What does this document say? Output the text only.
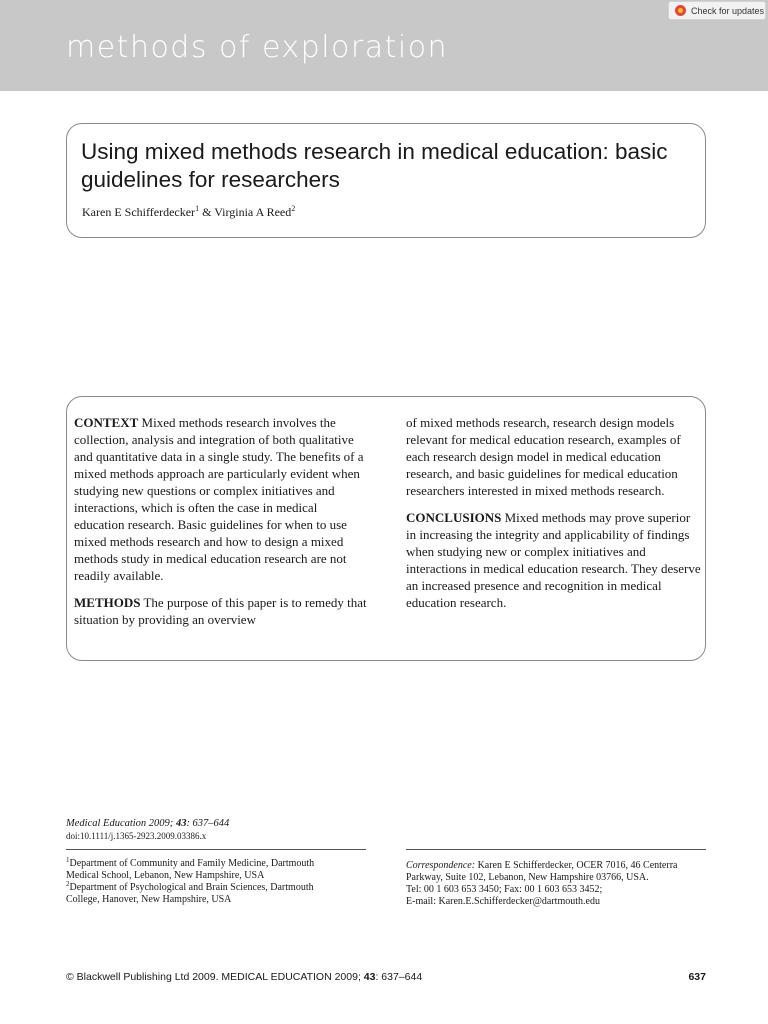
methods of exploration
Check for updates
Using mixed methods research in medical education: basic guidelines for researchers
Karen E Schifferdecker$^1$ & Virginia A Reed$^2$

CONTEXT Mixed methods research involves the collection, analysis and integration of both qualitative and quantitative data in a single study. The benefits of a mixed methods approach are particularly evident when studying new questions or complex initiatives and interactions, which is often the case in medical education research. Basic guidelines for when to use mixed methods research and how to design a mixed methods study in medical education research are not readily available.

METHODS The purpose of this paper is to remedy that situation by providing an overview

of mixed methods research, research design models relevant for medical education research, examples of each research design model in medical education research, and basic guidelines for medical education researchers interested in mixed methods research.

CONCLUSIONS Mixed methods may prove superior in increasing the integrity and applicability of findings when studying new or complex initiatives and interactions in medical education research. They deserve an increased presence and recognition in medical education research.

Medical Education 2009; 43: 637–644
doi:10.1111/j.1365-2923.2009.03386.x
$^1$Department of Community and Family Medicine, Dartmouth
Medical School, Lebanon, New Hampshire, USA
$^2$Department of Psychological and Brain Sciences, Dartmouth
College, Hanover, New Hampshire, USA
Correspondence: Karen E Schifferdecker, OCER 7016, 46 Centerra
Parkway, Suite 102, Lebanon, New Hampshire 03766, USA.
Tel: 00 1 603 653 3450; Fax: 00 1 603 653 3452;
E-mail: Karen.E.Schifferdecker@dartmouth.edu
© Blackwell Publishing Ltd 2009. MEDICAL EDUCATION 2009; 43: 637–644	637
